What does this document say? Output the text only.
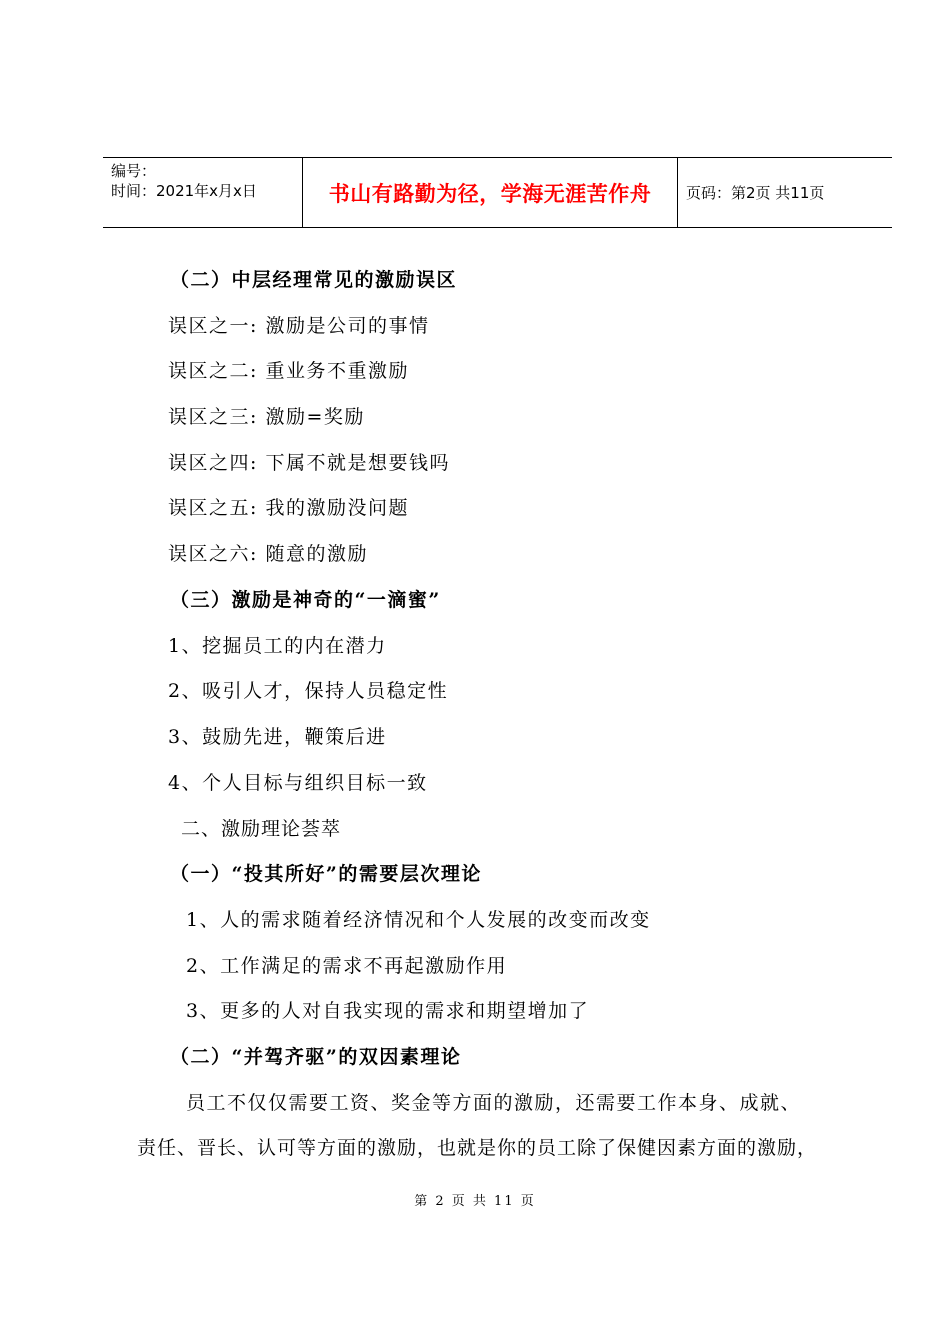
编号：
时间：2021年x月x日	书山有路勤为径，学海无涯苦作舟	页码：第2页 共11页
（二）中层经理常见的激励误区
误区之一: 激励是公司的事情
误区之二: 重业务不重激励
误区之三: 激励=奖励
误区之四: 下属不就是想要钱吗
误区之五: 我的激励没问题
误区之六: 随意的激励
（三）激励是神奇的“一滴蜜”
1、挖掘员工的内在潜力
2、吸引人才，保持人员稳定性
3、鼓励先进，鞭策后进
4、个人目标与组织目标一致
二、激励理论荟萃
（一）“投其所好”的需要层次理论
1、人的需求随着经济情况和个人发展的改变而改变
2、工作满足的需求不再起激励作用
3、更多的人对自我实现的需求和期望增加了
（二）“并驾齐驱”的双因素理论
员工不仅仅需要工资、奖金等方面的激励，还需要工作本身、成就、
责任、晋长、认可等方面的激励，也就是你的员工除了保健因素方面的激励，
第 2 页 共 11 页
